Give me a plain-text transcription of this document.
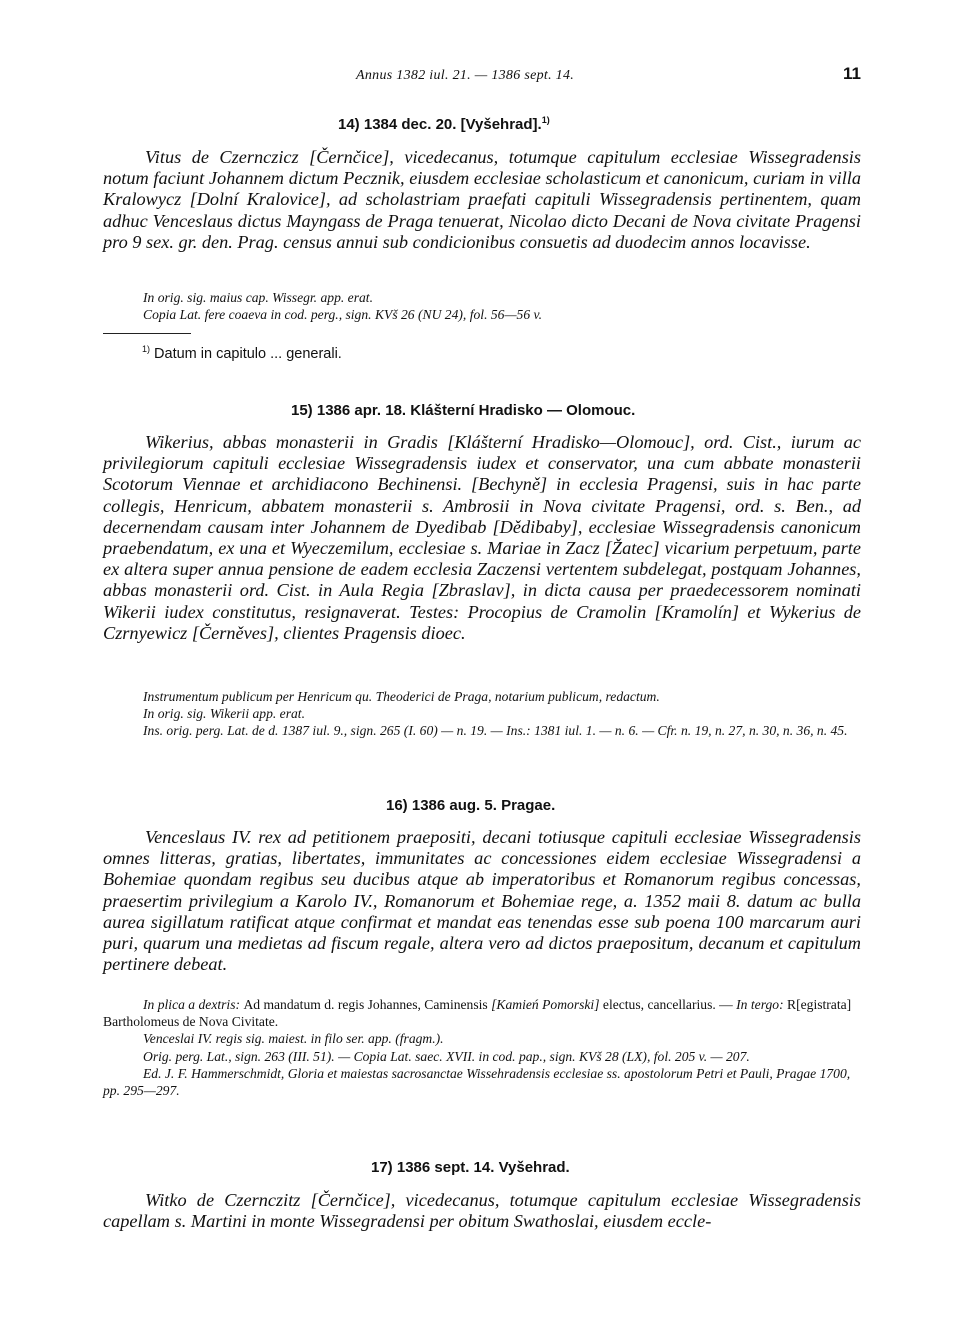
Annus 1382 iul. 21. — 1386 sept. 14.	11
14) 1384 dec. 20. [Vyšehrad].$^{1)}$

Vitus de Czernczicz [Černčice], vicedecanus, totumque capitulum ecclesiae Wissegradensis notum faciunt Johannem dictum Pecznik, eiusdem ecclesiae scholasticum et canonicum, curiam in villa Kralowycz [Dolní Kralovice], ad scholastriam praefati capituli Wissegradensis pertinentem, quam adhuc Venceslaus dictus Mayngass de Praga tenuerat, Nicolao dicto Decani de Nova civitate Pragensi pro 9 sex. gr. den. Prag. census annui sub condicionibus consuetis ad duodecim annos locavisse.

In orig. sig. maius cap. Wissegr. app. erat.
Copia Lat. fere coaeva in cod. perg., sign. KVš 26 (NU 24), fol. 56—56 v.
$^{1)}$ Datum in capitulo ... generali.
15) 1386 apr. 18. Klášterní Hradisko — Olomouc.

Wikerius, abbas monasterii in Gradis [Klášterní Hradisko—Olomouc], ord. Cist., iurum ac privilegiorum capituli ecclesiae Wissegradensis iudex et conservator, una cum abbate monasterii Scotorum Viennae et archidiacono Bechinensi. [Bechyně] in ecclesia Pragensi, suis in hac parte collegis, Henricum, abbatem monasterii s. Ambrosii in Nova civitate Pragensi, ord. s. Ben., ad decernendam causam inter Johannem de Dyedibab [Dědibaby], ecclesiae Wissegradensis canonicum praebendatum, ex una et Wyeczemilum, ecclesiae s. Mariae in Zacz [Žatec] vicarium perpetuum, parte ex altera super annua pensione de eadem ecclesia Zaczensi vertentem subdelegat, postquam Johannes, abbas monasterii ord. Cist. in Aula Regia [Zbraslav], in dicta causa per praedecessorem nominati Wikerii iudex constitutus, resignaverat. Testes: Procopius de Cramolin [Kramolín] et Wykerius de Czrnyewicz [Černěves], clientes Pragensis dioec.

Instrumentum publicum per Henricum qu. Theoderici de Praga, notarium publicum, redactum.
In orig. sig. Wikerii app. erat.
Ins. orig. perg. Lat. de d. 1387 iul. 9., sign. 265 (I. 60) — n. 19. — Ins.: 1381 iul. 1. — n. 6. — Cfr. n. 19, n. 27, n. 30, n. 36, n. 45.
16) 1386 aug. 5. Pragae.

Venceslaus IV. rex ad petitionem praepositi, decani totiusque capituli ecclesiae Wissegradensis omnes litteras, gratias, libertates, immunitates ac concessiones eidem ecclesiae Wissegradensi a Bohemiae quondam regibus seu ducibus atque ab imperatoribus et Romanorum regibus concessas, praesertim privilegium a Karolo IV., Romanorum et Bohemiae rege, a. 1352 maii 8. datum ac bulla aurea sigillatum ratificat atque confirmat et mandat eas tenendas esse sub poena 100 marcarum auri puri, quarum una medietas ad fiscum regale, altera vero ad dictos praepositum, decanum et capitulum pertinere debeat.

In plica a dextris: Ad mandatum d. regis Johannes, Caminensis [Kamień Pomorski] electus, cancellarius. — In tergo: R[egistrata] Bartholomeus de Nova Civitate.
Venceslai IV. regis sig. maiest. in filo ser. app. (fragm.).
Orig. perg. Lat., sign. 263 (III. 51). — Copia Lat. saec. XVII. in cod. pap., sign. KVš 28 (LX), fol. 205 v. — 207.
Ed. J. F. Hammerschmidt, Gloria et maiestas sacrosanctae Wissehradensis ecclesiae ss. apostolorum Petri et Pauli, Pragae 1700, pp. 295—297.
17) 1386 sept. 14. Vyšehrad.

Witko de Czernczitz [Černčice], vicedecanus, totumque capitulum ecclesiae Wissegradensis capellam s. Martini in monte Wissegradensi per obitum Swathoslai, eiusdem eccle-
